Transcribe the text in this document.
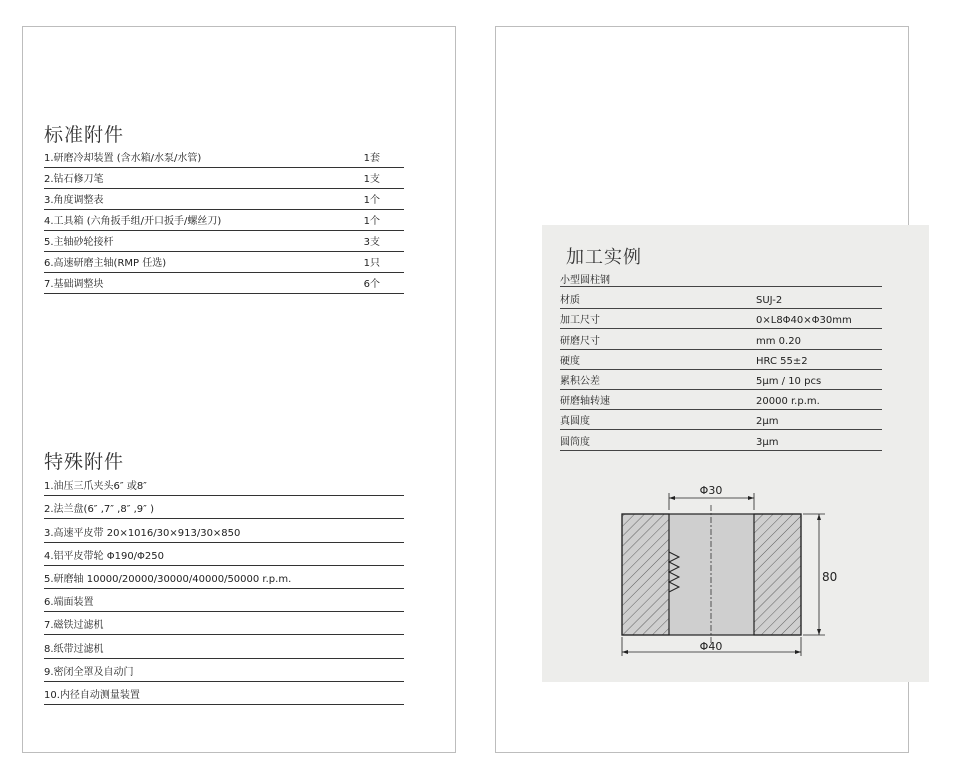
标准附件
1.研磨冷却装置 (含水箱/水泵/水管)	1套
2.钻石修刀笔	1支
3.角度调整表	1个
4.工具箱 (六角扳手组/开口扳手/螺丝刀)	1个
5.主轴砂轮接杆	3支
6.高速研磨主轴(RMP 任选)	1只
7.基础调整块	6个
特殊附件
1.油压三爪夹头6″ 或8″
2.法兰盘(6″ ,7″ ,8″ ,9″ )
3.高速平皮带 20×1016/30×913/30×850
4.铝平皮带轮 Φ190/Φ250
5.研磨轴 10000/20000/30000/40000/50000 r.p.m.
6.端面装置
7.磁铁过滤机
8.纸带过滤机
9.密闭全罩及自动门
10.内径自动测量装置
加工实例
小型圆柱钢
材质	SUJ-2
加工尺寸	0×L8Φ40×Φ30mm
研磨尺寸	mm 0.20
硬度	HRC 55±2
累积公差	5μm / 10 pcs
研磨轴转速	20000 r.p.m.
真圆度	2μm
圆筒度	3μm
Φ30
Φ40
80
